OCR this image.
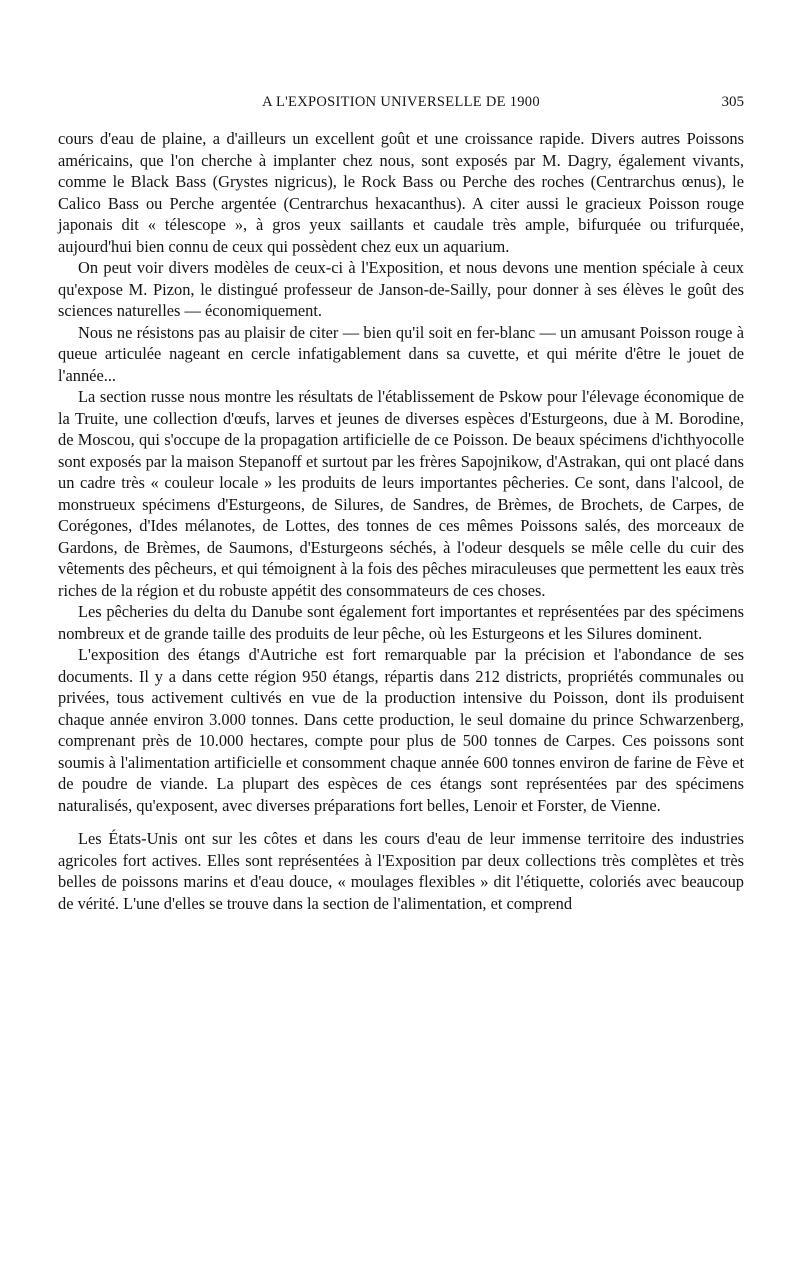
A L'EXPOSITION UNIVERSELLE DE 1900	305

cours d'eau de plaine, a d'ailleurs un excellent goût et une croissance rapide. Divers autres Poissons américains, que l'on cherche à implanter chez nous, sont exposés par M. Dagry, également vivants, comme le Black Bass (Grystes nigricus), le Rock Bass ou Perche des roches (Centrarchus œnus), le Calico Bass ou Perche argentée (Centrarchus hexacanthus). A citer aussi le gracieux Poisson rouge japonais dit « télescope », à gros yeux saillants et caudale très ample, bifurquée ou trifurquée, aujourd'hui bien connu de ceux qui possèdent chez eux un aquarium.

On peut voir divers modèles de ceux-ci à l'Exposition, et nous devons une mention spéciale à ceux qu'expose M. Pizon, le distingué professeur de Janson-de-Sailly, pour donner à ses élèves le goût des sciences naturelles — économiquement.

Nous ne résistons pas au plaisir de citer — bien qu'il soit en fer-blanc — un amusant Poisson rouge à queue articulée nageant en cercle infatigablement dans sa cuvette, et qui mérite d'être le jouet de l'année...

La section russe nous montre les résultats de l'établissement de Pskow pour l'élevage économique de la Truite, une collection d'œufs, larves et jeunes de diverses espèces d'Esturgeons, due à M. Borodine, de Moscou, qui s'occupe de la propagation artificielle de ce Poisson. De beaux spécimens d'ichthyocolle sont exposés par la maison Stepanoff et surtout par les frères Sapojnikow, d'Astrakan, qui ont placé dans un cadre très « couleur locale » les produits de leurs importantes pêcheries. Ce sont, dans l'alcool, de monstrueux spécimens d'Esturgeons, de Silures, de Sandres, de Brèmes, de Brochets, de Carpes, de Corégones, d'Ides mélanotes, de Lottes, des tonnes de ces mêmes Poissons salés, des morceaux de Gardons, de Brèmes, de Saumons, d'Esturgeons séchés, à l'odeur desquels se mêle celle du cuir des vêtements des pêcheurs, et qui témoignent à la fois des pêches miraculeuses que permettent les eaux très riches de la région et du robuste appétit des consommateurs de ces choses.

Les pêcheries du delta du Danube sont également fort importantes et représentées par des spécimens nombreux et de grande taille des produits de leur pêche, où les Esturgeons et les Silures dominent.

L'exposition des étangs d'Autriche est fort remarquable par la précision et l'abondance de ses documents. Il y a dans cette région 950 étangs, répartis dans 212 districts, propriétés communales ou privées, tous activement cultivés en vue de la production intensive du Poisson, dont ils produisent chaque année environ 3.000 tonnes. Dans cette production, le seul domaine du prince Schwarzenberg, comprenant près de 10.000 hectares, compte pour plus de 500 tonnes de Carpes. Ces poissons sont soumis à l'alimentation artificielle et consomment chaque année 600 tonnes environ de farine de Fève et de poudre de viande. La plupart des espèces de ces étangs sont représentées par des spécimens naturalisés, qu'exposent, avec diverses préparations fort belles, Lenoir et Forster, de Vienne.

Les États-Unis ont sur les côtes et dans les cours d'eau de leur immense territoire des industries agricoles fort actives. Elles sont représentées à l'Exposition par deux collections très complètes et très belles de poissons marins et d'eau douce, « moulages flexibles » dit l'étiquette, coloriés avec beaucoup de vérité. L'une d'elles se trouve dans la section de l'alimentation, et comprend
